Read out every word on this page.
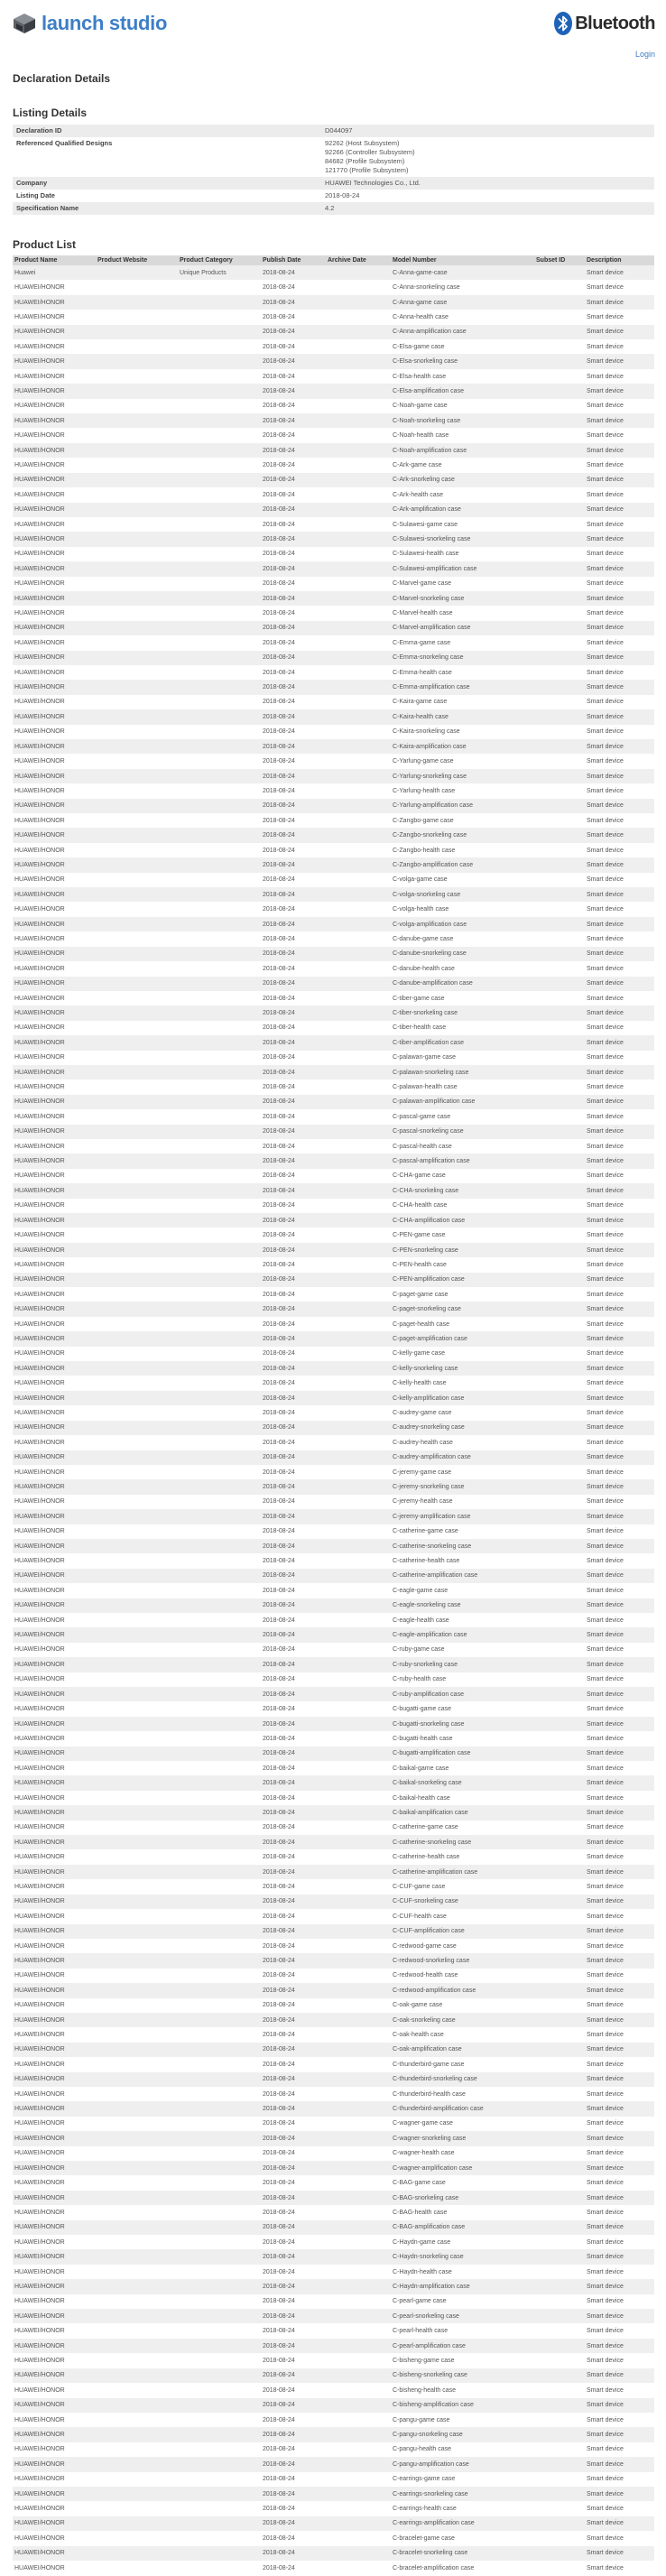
launch studio	Bluetooth
Login
Declaration Details
Listing Details
Declaration ID	D044097
Referenced Qualified Designs	92262 (Host Subsystem)
92266 (Controller Subsystem)
84682 (Profile Subsystem)
121770 (Profile Subsystem)

Company	HUAWEI Technologies Co., Ltd.
Listing Date	2018-08-24
Specification Name	4.2
Product List
Product Name	Product Website	Product Category	Publish Date	Archive Date	Model Number	Subset ID	Description
Huawei		Unique Products	2018-08-24		C-Anna-game-case		Smart device
HUAWEI/HONOR			2018-08-24		C-Anna-snorkeling case		Smart device
HUAWEI/HONOR			2018-08-24		C-Anna-game case		Smart device
HUAWEI/HONOR			2018-08-24		C-Anna-health case		Smart device
HUAWEI/HONOR			2018-08-24		C-Anna-amplification case		Smart device
HUAWEI/HONOR			2018-08-24		C-Elsa-game case		Smart device
HUAWEI/HONOR			2018-08-24		C-Elsa-snorkeling case		Smart device
HUAWEI/HONOR			2018-08-24		C-Elsa-health case		Smart device
HUAWEI/HONOR			2018-08-24		C-Elsa-amplification case		Smart device
HUAWEI/HONOR			2018-08-24		C-Noah-game case		Smart device
HUAWEI/HONOR			2018-08-24		C-Noah-snorkeling case		Smart device
HUAWEI/HONOR			2018-08-24		C-Noah-health case		Smart device
HUAWEI/HONOR			2018-08-24		C-Noah-amplification case		Smart device
HUAWEI/HONOR			2018-08-24		C-Ark-game case		Smart device
HUAWEI/HONOR			2018-08-24		C-Ark-snorkeling case		Smart device
HUAWEI/HONOR			2018-08-24		C-Ark-health case		Smart device
HUAWEI/HONOR			2018-08-24		C-Ark-amplification case		Smart device
HUAWEI/HONOR			2018-08-24		C-Sulawesi-game case		Smart device
HUAWEI/HONOR			2018-08-24		C-Sulawesi-snorkeling case		Smart device
HUAWEI/HONOR			2018-08-24		C-Sulawesi-health case		Smart device
HUAWEI/HONOR			2018-08-24		C-Sulawesi-amplification case		Smart device
HUAWEI/HONOR			2018-08-24		C-Marvel-game case		Smart device
HUAWEI/HONOR			2018-08-24		C-Marvel-snorkeling case		Smart device
HUAWEI/HONOR			2018-08-24		C-Marvel-health case		Smart device
HUAWEI/HONOR			2018-08-24		C-Marvel-amplification case		Smart device
HUAWEI/HONOR			2018-08-24		C-Emma-game case		Smart device
HUAWEI/HONOR			2018-08-24		C-Emma-snorkeling case		Smart device
HUAWEI/HONOR			2018-08-24		C-Emma-health case		Smart device
HUAWEI/HONOR			2018-08-24		C-Emma-amplification case		Smart device
HUAWEI/HONOR			2018-08-24		C-Kaira-game case		Smart device
HUAWEI/HONOR			2018-08-24		C-Kaira-health case		Smart device
HUAWEI/HONOR			2018-08-24		C-Kaira-snorkeling case		Smart device
HUAWEI/HONOR			2018-08-24		C-Kaira-amplification case		Smart device
HUAWEI/HONOR			2018-08-24		C-Yarlung-game case		Smart device
HUAWEI/HONOR			2018-08-24		C-Yarlung-snorkeling case		Smart device
HUAWEI/HONOR			2018-08-24		C-Yarlung-health case		Smart device
HUAWEI/HONOR			2018-08-24		C-Yarlung-amplification case		Smart device
HUAWEI/HONOR			2018-08-24		C-Zangbo-game case		Smart device
HUAWEI/HONOR			2018-08-24		C-Zangbo-snorkeling case		Smart device
HUAWEI/HONOR			2018-08-24		C-Zangbo-health case		Smart device
HUAWEI/HONOR			2018-08-24		C-Zangbo-amplification case		Smart device
HUAWEI/HONOR			2018-08-24		C-volga-game case		Smart device
HUAWEI/HONOR			2018-08-24		C-volga-snorkeling case		Smart device
HUAWEI/HONOR			2018-08-24		C-volga-health case		Smart device
HUAWEI/HONOR			2018-08-24		C-volga-amplification case		Smart device
HUAWEI/HONOR			2018-08-24		C-danube-game case		Smart device
HUAWEI/HONOR			2018-08-24		C-danube-snorkeling case		Smart device
HUAWEI/HONOR			2018-08-24		C-danube-health case		Smart device
HUAWEI/HONOR			2018-08-24		C-danube-amplification case		Smart device
HUAWEI/HONOR			2018-08-24		C-tiber-game case		Smart device
HUAWEI/HONOR			2018-08-24		C-tiber-snorkeling case		Smart device
HUAWEI/HONOR			2018-08-24		C-tiber-health case		Smart device
HUAWEI/HONOR			2018-08-24		C-tiber-amplification case		Smart device
HUAWEI/HONOR			2018-08-24		C-palawan-game case		Smart device
HUAWEI/HONOR			2018-08-24		C-palawan-snorkeling case		Smart device
HUAWEI/HONOR			2018-08-24		C-palawan-health case		Smart device
HUAWEI/HONOR			2018-08-24		C-palawan-amplification case		Smart device
HUAWEI/HONOR			2018-08-24		C-pascal-game case		Smart device
HUAWEI/HONOR			2018-08-24		C-pascal-snorkeling case		Smart device
HUAWEI/HONOR			2018-08-24		C-pascal-health case		Smart device
HUAWEI/HONOR			2018-08-24		C-pascal-amplification case		Smart device
HUAWEI/HONOR			2018-08-24		C-CHA-game case		Smart device
HUAWEI/HONOR			2018-08-24		C-CHA-snorkeling case		Smart device
HUAWEI/HONOR			2018-08-24		C-CHA-health case		Smart device
HUAWEI/HONOR			2018-08-24		C-CHA-amplification case		Smart device
HUAWEI/HONOR			2018-08-24		C-PEN-game case		Smart device
HUAWEI/HONOR			2018-08-24		C-PEN-snorkeling case		Smart device
HUAWEI/HONOR			2018-08-24		C-PEN-health case		Smart device
HUAWEI/HONOR			2018-08-24		C-PEN-amplification case		Smart device
HUAWEI/HONOR			2018-08-24		C-paget-game case		Smart device
HUAWEI/HONOR			2018-08-24		C-paget-snorkeling case		Smart device
HUAWEI/HONOR			2018-08-24		C-paget-health case		Smart device
HUAWEI/HONOR			2018-08-24		C-paget-amplification case		Smart device
HUAWEI/HONOR			2018-08-24		C-kelly-game case		Smart device
HUAWEI/HONOR			2018-08-24		C-kelly-snorkeling case		Smart device
HUAWEI/HONOR			2018-08-24		C-kelly-health case		Smart device
HUAWEI/HONOR			2018-08-24		C-kelly-amplification case		Smart device
HUAWEI/HONOR			2018-08-24		C-audrey-game case		Smart device
HUAWEI/HONOR			2018-08-24		C-audrey-snorkeling case		Smart device
HUAWEI/HONOR			2018-08-24		C-audrey-health case		Smart device
HUAWEI/HONOR			2018-08-24		C-audrey-amplification case		Smart device
HUAWEI/HONOR			2018-08-24		C-jeremy-game case		Smart device
HUAWEI/HONOR			2018-08-24		C-jeremy-snorkeling case		Smart device
HUAWEI/HONOR			2018-08-24		C-jeremy-health case		Smart device
HUAWEI/HONOR			2018-08-24		C-jeremy-amplification case		Smart device
HUAWEI/HONOR			2018-08-24		C-catherine-game case		Smart device
HUAWEI/HONOR			2018-08-24		C-catherine-snorkeling case		Smart device
HUAWEI/HONOR			2018-08-24		C-catherine-health case		Smart device
HUAWEI/HONOR			2018-08-24		C-catherine-amplification case		Smart device
HUAWEI/HONOR			2018-08-24		C-eagle-game case		Smart device
HUAWEI/HONOR			2018-08-24		C-eagle-snorkeling case		Smart device
HUAWEI/HONOR			2018-08-24		C-eagle-health case		Smart device
HUAWEI/HONOR			2018-08-24		C-eagle-amplification case		Smart device
HUAWEI/HONOR			2018-08-24		C-ruby-game case		Smart device
HUAWEI/HONOR			2018-08-24		C-ruby-snorkeling case		Smart device
HUAWEI/HONOR			2018-08-24		C-ruby-health case		Smart device
HUAWEI/HONOR			2018-08-24		C-ruby-amplification case		Smart device
HUAWEI/HONOR			2018-08-24		C-bugatti-game case		Smart device
HUAWEI/HONOR			2018-08-24		C-bugatti-snorkeling case		Smart device
HUAWEI/HONOR			2018-08-24		C-bugatti-health case		Smart device
HUAWEI/HONOR			2018-08-24		C-bugatti-amplification case		Smart device
HUAWEI/HONOR			2018-08-24		C-baikal-game case		Smart device
HUAWEI/HONOR			2018-08-24		C-baikal-snorkeling case		Smart device
HUAWEI/HONOR			2018-08-24		C-baikal-health case		Smart device
HUAWEI/HONOR			2018-08-24		C-baikal-amplification case		Smart device
HUAWEI/HONOR			2018-08-24		C-catherine-game case		Smart device
HUAWEI/HONOR			2018-08-24		C-catherine-snorkeling case		Smart device
HUAWEI/HONOR			2018-08-24		C-catherine-health case		Smart device
HUAWEI/HONOR			2018-08-24		C-catherine-amplification case		Smart device
HUAWEI/HONOR			2018-08-24		C-CUF-game case		Smart device
HUAWEI/HONOR			2018-08-24		C-CUF-snorkeling case		Smart device
HUAWEI/HONOR			2018-08-24		C-CUF-health case		Smart device
HUAWEI/HONOR			2018-08-24		C-CUF-amplification case		Smart device
HUAWEI/HONOR			2018-08-24		C-redwood-game case		Smart device
HUAWEI/HONOR			2018-08-24		C-redwood-snorkeling case		Smart device
HUAWEI/HONOR			2018-08-24		C-redwood-health case		Smart device
HUAWEI/HONOR			2018-08-24		C-redwood-amplification case		Smart device
HUAWEI/HONOR			2018-08-24		C-oak-game case		Smart device
HUAWEI/HONOR			2018-08-24		C-oak-snorkeling case		Smart device
HUAWEI/HONOR			2018-08-24		C-oak-health case		Smart device
HUAWEI/HONOR			2018-08-24		C-oak-amplification case		Smart device
HUAWEI/HONOR			2018-08-24		C-thunderbird-game case		Smart device
HUAWEI/HONOR			2018-08-24		C-thunderbird-snorkeling case		Smart device
HUAWEI/HONOR			2018-08-24		C-thunderbird-health case		Smart device
HUAWEI/HONOR			2018-08-24		C-thunderbird-amplification case		Smart device
HUAWEI/HONOR			2018-08-24		C-wagner-game case		Smart device
HUAWEI/HONOR			2018-08-24		C-wagner-snorkeling case		Smart device
HUAWEI/HONOR			2018-08-24		C-wagner-health case		Smart device
HUAWEI/HONOR			2018-08-24		C-wagner-amplification case		Smart device
HUAWEI/HONOR			2018-08-24		C-BAG-game case		Smart device
HUAWEI/HONOR			2018-08-24		C-BAG-snorkeling case		Smart device
HUAWEI/HONOR			2018-08-24		C-BAG-health case		Smart device
HUAWEI/HONOR			2018-08-24		C-BAG-amplification case		Smart device
HUAWEI/HONOR			2018-08-24		C-Haydn-game case		Smart device
HUAWEI/HONOR			2018-08-24		C-Haydn-snorkeling case		Smart device
HUAWEI/HONOR			2018-08-24		C-Haydn-health case		Smart device
HUAWEI/HONOR			2018-08-24		C-Haydn-amplification case		Smart device
HUAWEI/HONOR			2018-08-24		C-pearl-game case		Smart device
HUAWEI/HONOR			2018-08-24		C-pearl-snorkeling case		Smart device
HUAWEI/HONOR			2018-08-24		C-pearl-health case		Smart device
HUAWEI/HONOR			2018-08-24		C-pearl-amplification case		Smart device
HUAWEI/HONOR			2018-08-24		C-bisheng-game case		Smart device
HUAWEI/HONOR			2018-08-24		C-bisheng-snorkeling case		Smart device
HUAWEI/HONOR			2018-08-24		C-bisheng-health case		Smart device
HUAWEI/HONOR			2018-08-24		C-bisheng-amplification case		Smart device
HUAWEI/HONOR			2018-08-24		C-pangu-game case		Smart device
HUAWEI/HONOR			2018-08-24		C-pangu-snorkeling case		Smart device
HUAWEI/HONOR			2018-08-24		C-pangu-health case		Smart device
HUAWEI/HONOR			2018-08-24		C-pangu-amplification case		Smart device
HUAWEI/HONOR			2018-08-24		C-earrings-game case		Smart device
HUAWEI/HONOR			2018-08-24		C-earrings-snorkeling case		Smart device
HUAWEI/HONOR			2018-08-24		C-earrings-health case		Smart device
HUAWEI/HONOR			2018-08-24		C-earrings-amplification case		Smart device
HUAWEI/HONOR			2018-08-24		C-bracelet-game case		Smart device
HUAWEI/HONOR			2018-08-24		C-bracelet-snorkeling case		Smart device
HUAWEI/HONOR			2018-08-24		C-bracelet-amplification case		Smart device
